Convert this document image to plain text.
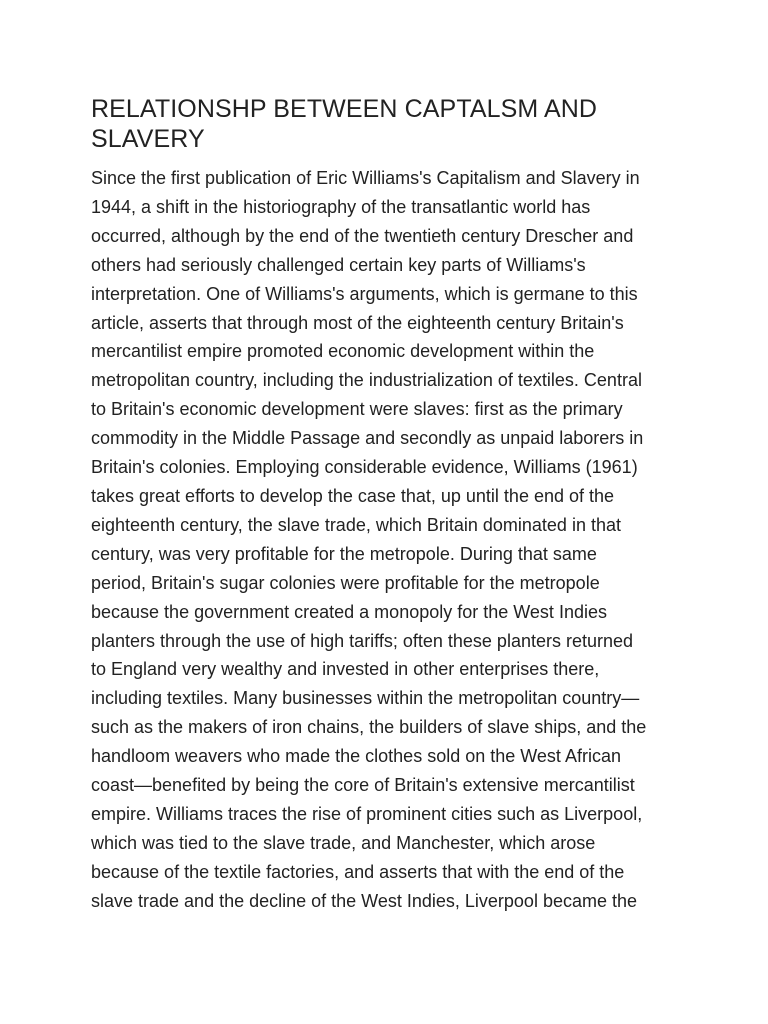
RELATIONSHP BETWEEN CAPTALSM AND
SLAVERY

Since the first publication of Eric Williams's Capitalism and Slavery in
1944, a shift in the historiography of the transatlantic world has
occurred, although by the end of the twentieth century Drescher and
others had seriously challenged certain key parts of Williams's
interpretation. One of Williams's arguments, which is germane to this
article, asserts that through most of the eighteenth century Britain's
mercantilist empire promoted economic development within the
metropolitan country, including the industrialization of textiles. Central
to Britain's economic development were slaves: first as the primary
commodity in the Middle Passage and secondly as unpaid laborers in
Britain's colonies. Employing considerable evidence, Williams (1961)
takes great efforts to develop the case that, up until the end of the
eighteenth century, the slave trade, which Britain dominated in that
century, was very profitable for the metropole. During that same
period, Britain's sugar colonies were profitable for the metropole
because the government created a monopoly for the West Indies
planters through the use of high tariffs; often these planters returned
to England very wealthy and invested in other enterprises there,
including textiles. Many businesses within the metropolitan country—
such as the makers of iron chains, the builders of slave ships, and the
handloom weavers who made the clothes sold on the West African
coast—benefited by being the core of Britain's extensive mercantilist
empire. Williams traces the rise of prominent cities such as Liverpool,
which was tied to the slave trade, and Manchester, which arose
because of the textile factories, and asserts that with the end of the
slave trade and the decline of the West Indies, Liverpool became the
